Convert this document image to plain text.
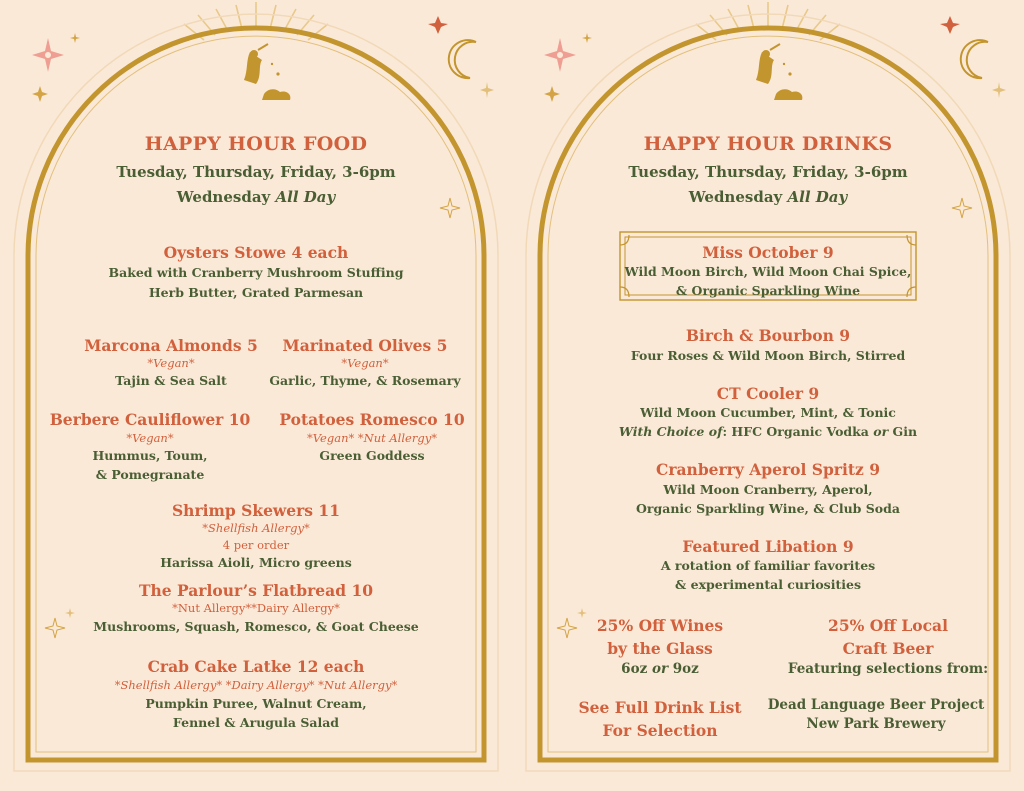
HAPPY HOUR FOOD
Tuesday, Thursday, Friday, 3-6pm
Wednesday All Day
Oysters Stowe 4 each
Baked with Cranberry Mushroom Stuffing
Herb Butter, Grated Parmesan
Marcona Almonds 5
*Vegan*
Tajin & Sea Salt
Marinated Olives 5
*Vegan*
Garlic, Thyme, & Rosemary
Berbere Cauliflower 10
*Vegan*
Hummus, Toum,
& Pomegranate
Potatoes Romesco 10
*Vegan* *Nut Allergy*
Green Goddess
Shrimp Skewers 11
*Shellfish Allergy*
4 per order
Harissa Aioli, Micro greens
The Parlour’s Flatbread 10
*Nut Allergy**Dairy Allergy*
Mushrooms, Squash, Romesco, & Goat Cheese
Crab Cake Latke 12 each
*Shellfish Allergy* *Dairy Allergy* *Nut Allergy*
Pumpkin Puree, Walnut Cream,
Fennel & Arugula Salad
HAPPY HOUR DRINKS
Tuesday, Thursday, Friday, 3-6pm
Wednesday All Day
Miss October 9
Wild Moon Birch, Wild Moon Chai Spice,
& Organic Sparkling Wine
Birch & Bourbon 9
Four Roses & Wild Moon Birch, Stirred
CT Cooler 9
Wild Moon Cucumber, Mint, & Tonic
With Choice of: HFC Organic Vodka or Gin
Cranberry Aperol Spritz 9
Wild Moon Cranberry, Aperol,
Organic Sparkling Wine, & Club Soda
Featured Libation 9
A rotation of familiar favorites
& experimental curiosities
25% Off Wines
by the Glass
6oz or 9oz
25% Off Local
Craft Beer
Featuring selections from:
See Full Drink List
For Selection
Dead Language Beer Project
New Park Brewery
